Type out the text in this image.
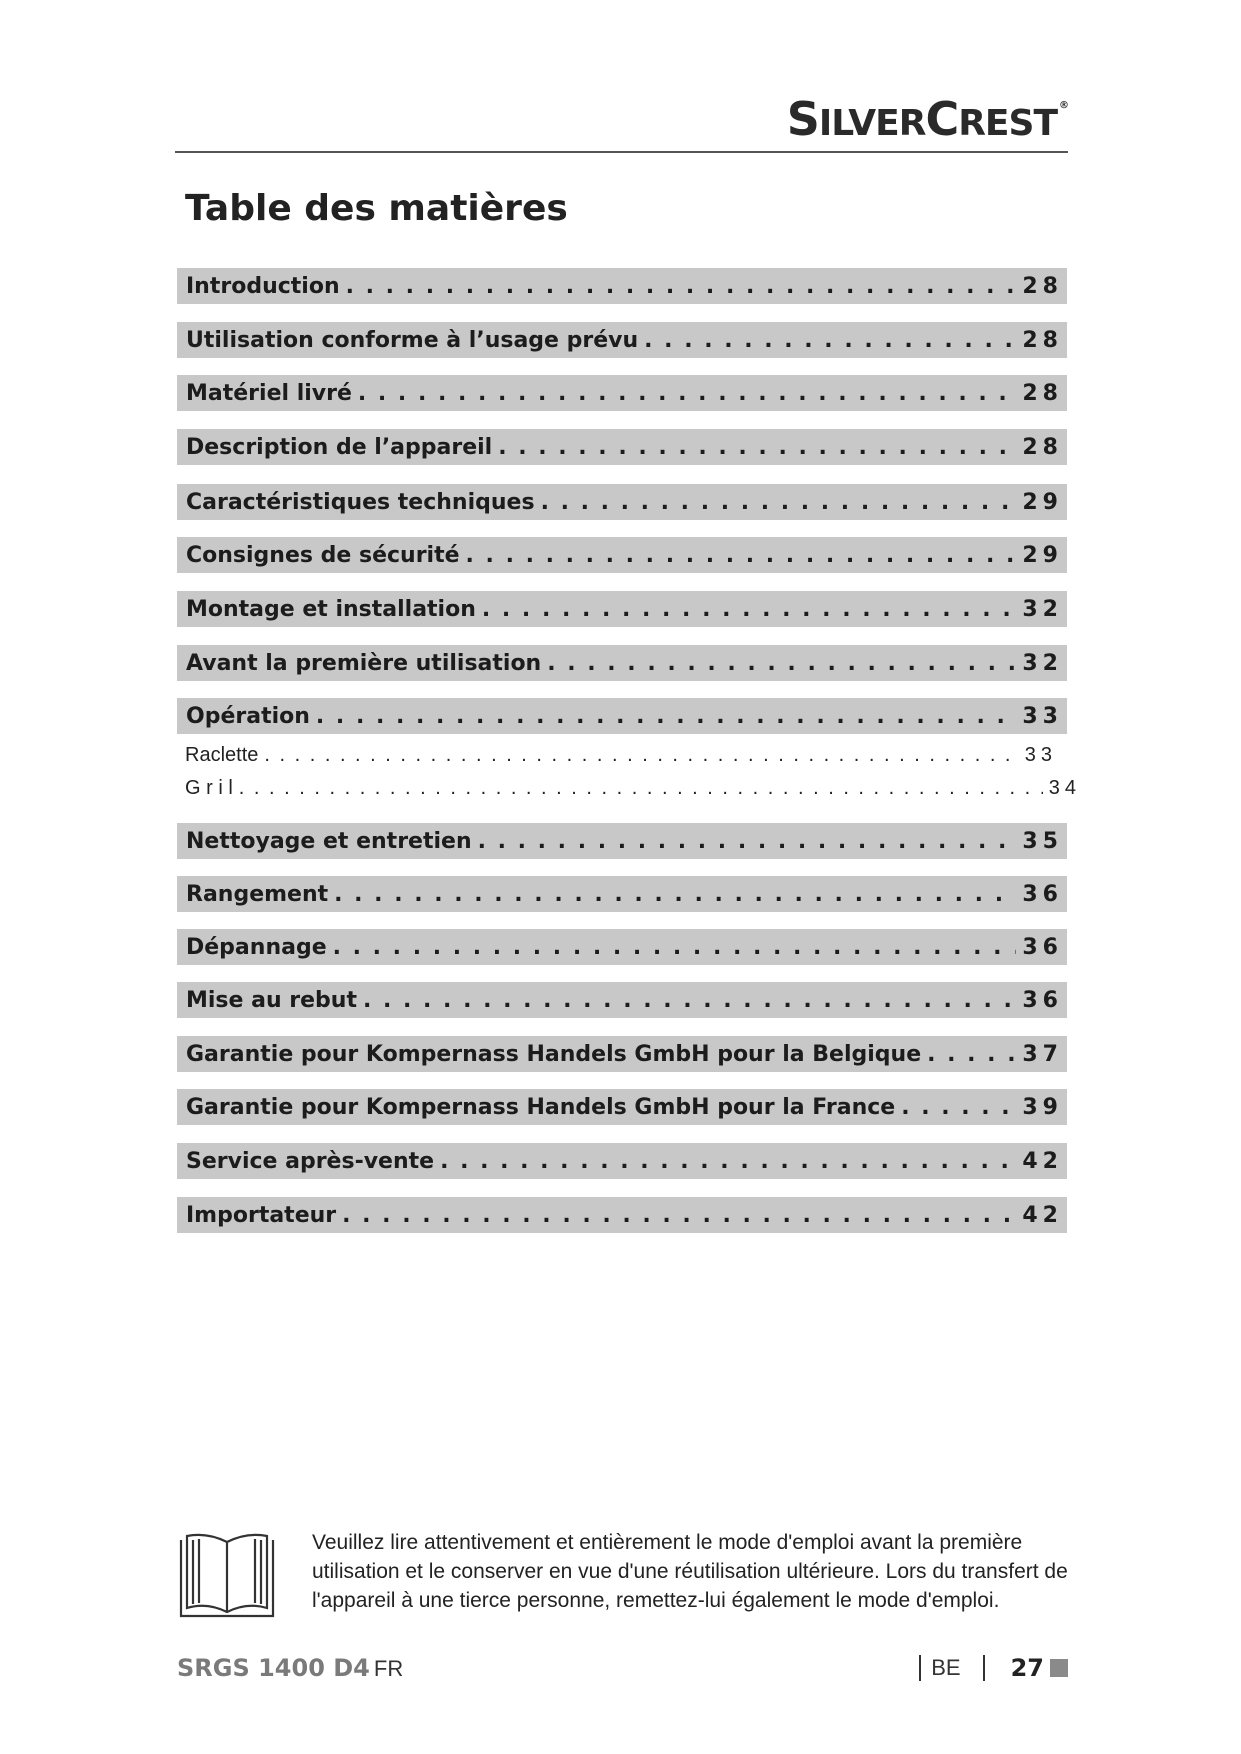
SILVERCREST ®
Table des matières
Introduction . . .	28
Utilisation conforme à l’usage prévu . . .	28
Matériel livré . . .	28
Description de l’appareil . . .	28
Caractéristiques techniques . . .	29
Consignes de sécurité . . .	29
Montage et installation . . .	32
Avant la première utilisation . . .	32
Opération . . .	33
Raclette . . .	33
G r i l . . .	34
Nettoyage et entretien . . .	35
Rangement . . .	36
Dépannage . . .	36
Mise au rebut . . .	36
Garantie pour Kompernass Handels GmbH pour la Belgique . . .	37
Garantie pour Kompernass Handels GmbH pour la France . . .	39
Service après-vente . . .	42
Importateur . . .	42
Veuillez lire attentivement et entièrement le mode d'emploi avant la première utilisation et le conserver en vue d'une réutilisation ultérieure. Lors du transfert de l'appareil à une tierce personne, remettez-lui également le mode d'emploi.
SRGS 1400 D4 FR	BE 27
